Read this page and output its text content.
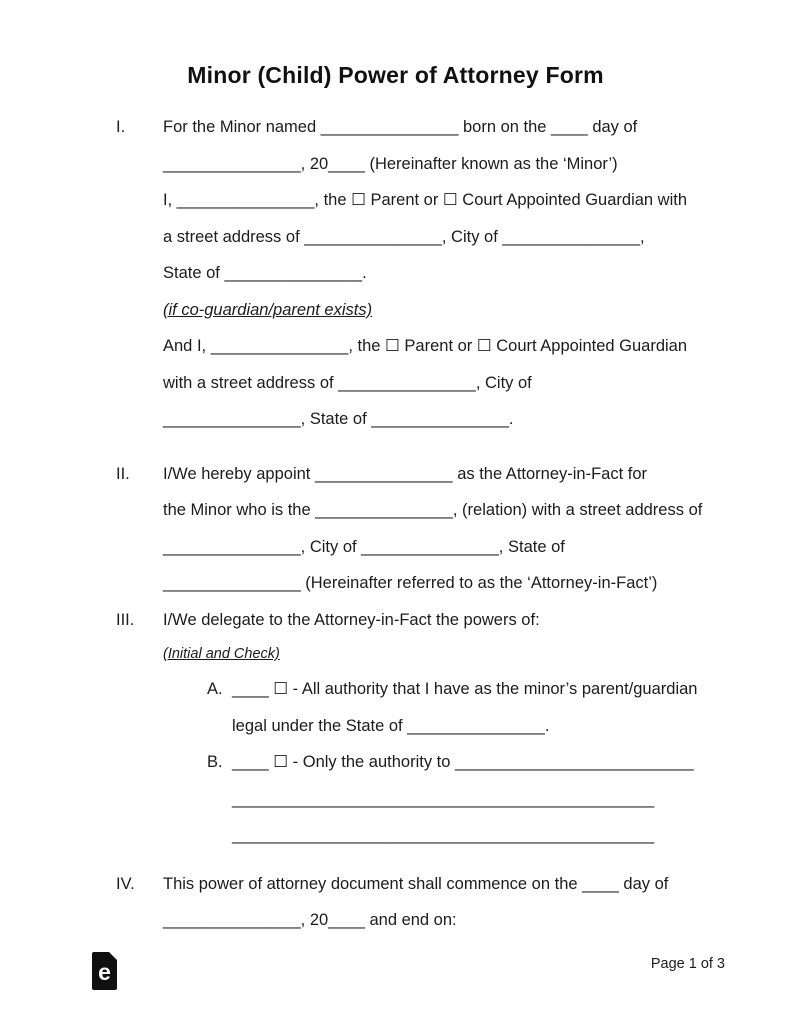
Minor (Child) Power of Attorney Form
I.	For the Minor named _______________ born on the ____ day of

_______________, 20____ (Hereinafter known as the ‘Minor’)

I, _______________, the ☐ Parent or ☐ Court Appointed Guardian with

a street address of _______________, City of _______________,

State of _______________.

(if co-guardian/parent exists)

And I, _______________, the ☐ Parent or ☐ Court Appointed Guardian

with a street address of _______________, City of

_______________, State of _______________.

II.	I/We hereby appoint _______________ as the Attorney-in-Fact for

the Minor who is the _______________, (relation) with a street address of

_______________, City of _______________, State of

_______________ (Hereinafter referred to as the ‘Attorney-in-Fact’)

III.	I/We delegate to the Attorney-in-Fact the powers of:

(Initial and Check)

A. ____ ☐ - All authority that I have as the minor’s parent/guardian

legal under the State of _______________.

B. ____ ☐ - Only the authority to __________________________

______________________________________________

______________________________________________

IV.	This power of attorney document shall commence on the ____ day of

_______________, 20____ and end on:

e	Page 1 of 3
